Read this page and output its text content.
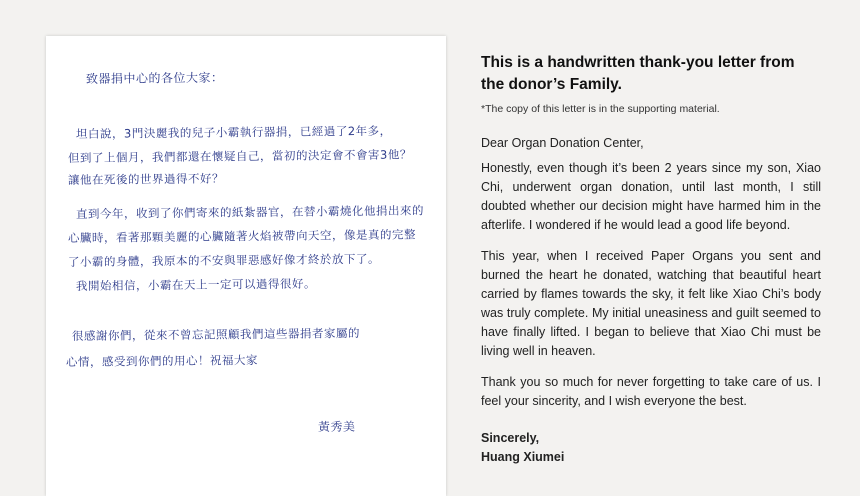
致器捐中心的各位大家：
坦白說，3門決麗我的兒子小霸執行器捐，已經過了2年多，
但到了上個月，我們都還在懷疑自己，當初的決定會不會害3他？
讓他在死後的世界過得不好？
直到今年，收到了你們寄來的紙紮器官，在替小霸燒化他捐出來的
心臟時，看著那顆美麗的心臟隨著火焰被帶向天空，像是真的完整
了小霸的身體，我原本的不安與罪惡感好像才終於放下了。
我開始相信，小霸在天上一定可以過得很好。
很感謝你們，從來不曾忘記照顧我們這些器捐者家屬的
心情，感受到你們的用心！祝福大家
黃秀美
This is a handwritten thank-you letter from the donor’s Family.

*The copy of this letter is in the supporting material.

Dear Organ Donation Center,

Honestly, even though it’s been 2 years since my son, Xiao Chi, underwent organ donation, until last month, I still doubted whether our decision might have harmed him in the afterlife. I wondered if he would lead a good life beyond.

This year, when I received Paper Organs you sent and burned the heart he donated, watching that beautiful heart carried by flames towards the sky, it felt like Xiao Chi’s body was truly complete. My initial uneasiness and guilt seemed to have finally lifted. I began to believe that Xiao Chi must be living well in heaven.

Thank you so much for never forgetting to take care of us. I feel your sincerity, and I wish everyone the best.

Sincerely,
Huang Xiumei
